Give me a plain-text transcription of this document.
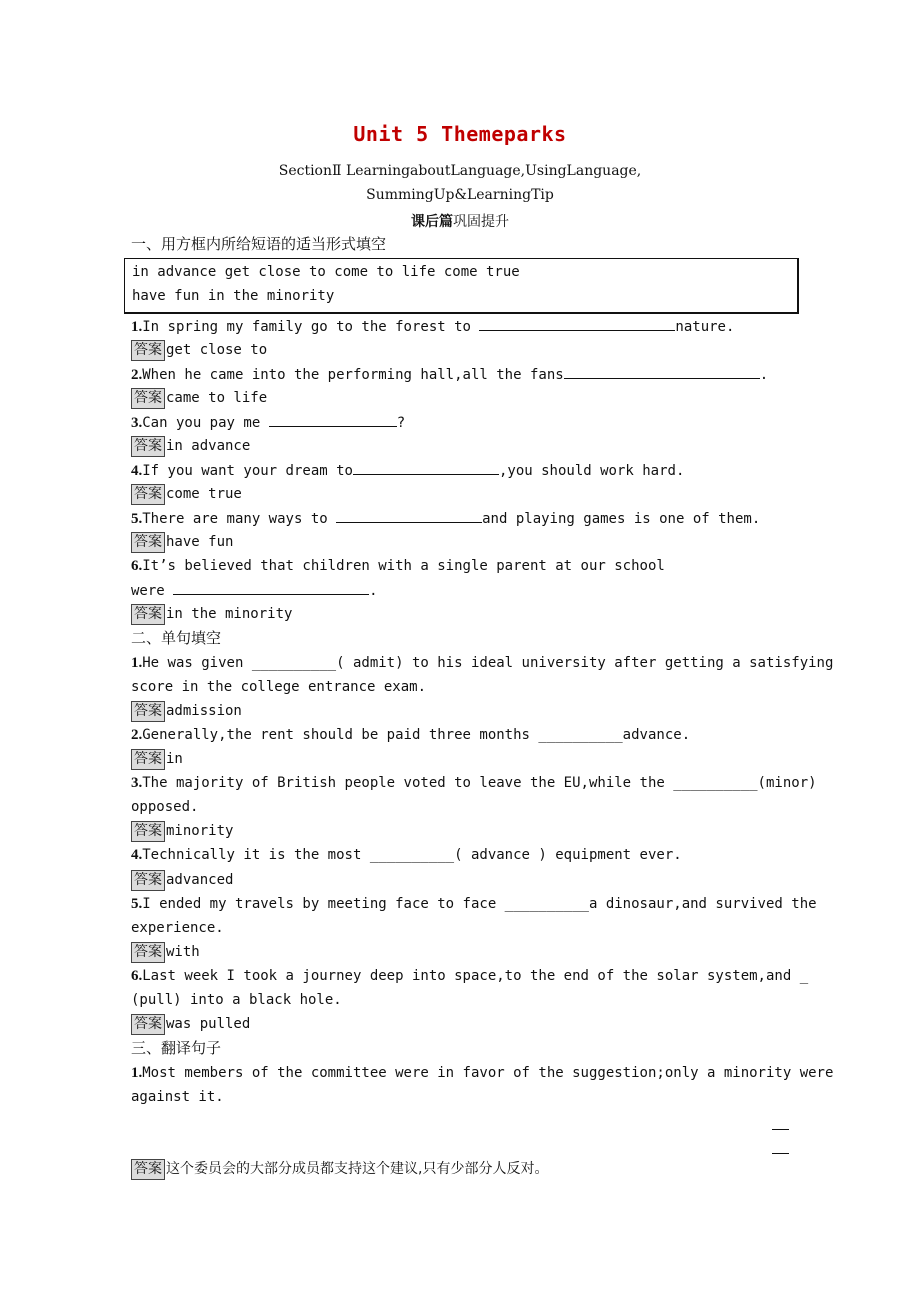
Unit 5 Themeparks
SectionⅡ LearningaboutLanguage,UsingLanguage,
SummingUp&LearningTip
课后篇巩固提升
一、用方框内所给短语的适当形式填空
in advance get close to come to life come true
have fun in the minority
1.In spring my family go to the forest to	nature.
答案 get close to
2.When he came into the performing hall,all the fans	.
答案 came to life
3.Can you pay me	?
答案 in advance
4.If you want your dream to	,you should work hard.
答案 come true
5.There are many ways to	and playing games is one of them.
答案 have fun
6.It’s believed that children with a single parent at our school
were	.
答案 in the minority
二、单句填空
1.He was given __________( admit) to his ideal university after getting a satisfying
score in the college entrance exam.
答案 admission
2.Generally,the rent should be paid three months __________advance.
答案 in
3.The majority of British people voted to leave the EU,while the __________(minor)
opposed.
答案 minority
4.Technically it is the most __________( advance ) equipment ever.
答案 advanced
5.I ended my travels by meeting face to face __________a dinosaur,and survived the
experience.
答案 with
6.Last week I took a journey deep into space,to the end of the solar system,and _
(pull) into a black hole.
答案 was pulled
三、翻译句子
1.Most members of the committee were in favor of the suggestion;only a minority were
against it.
答案 这个委员会的大部分成员都支持这个建议,只有少部分人反对。
